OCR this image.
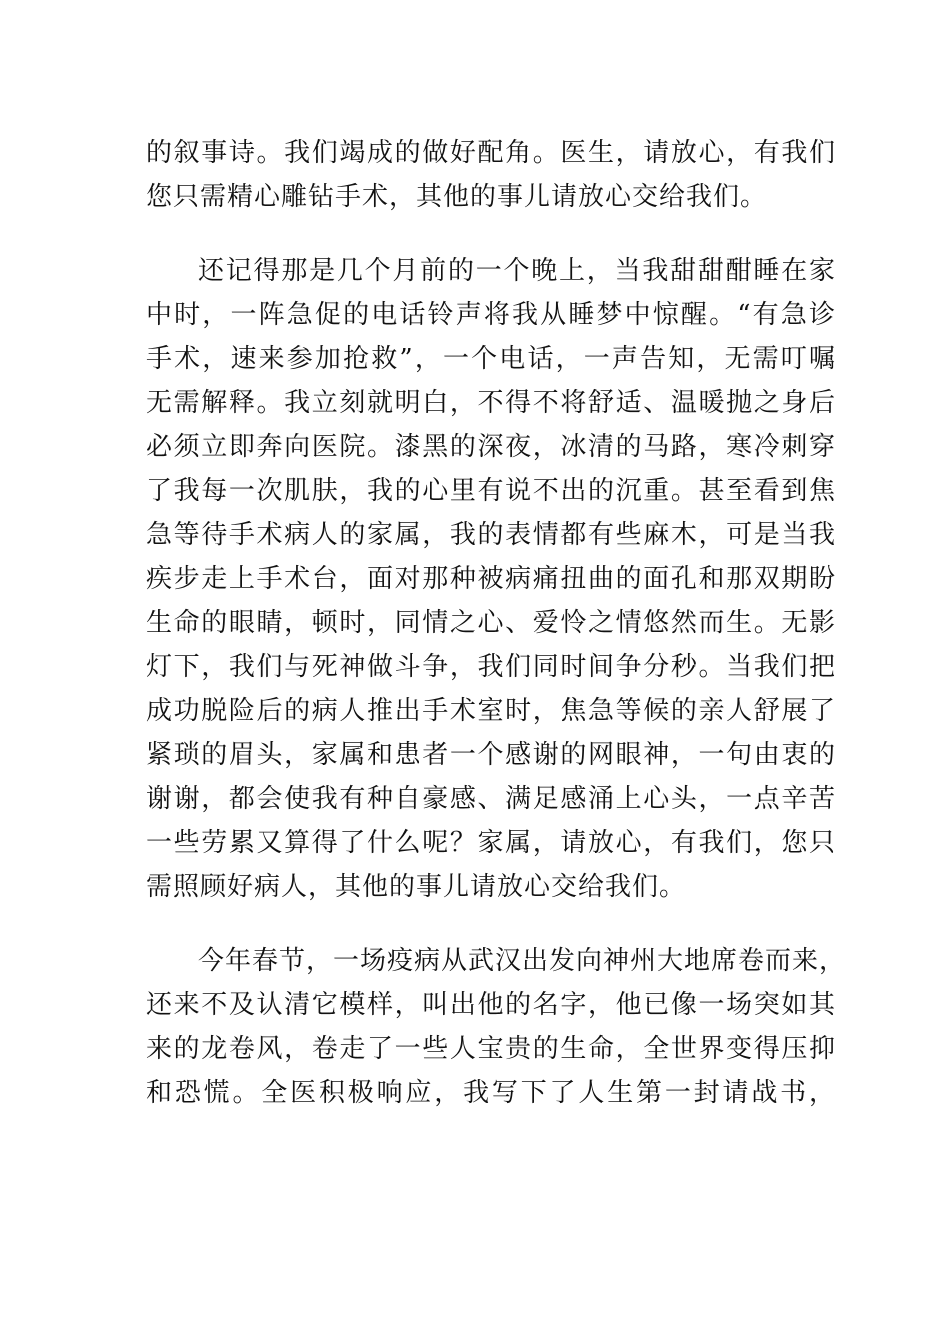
的叙事诗。我们竭成的做好配角。医生，请放心，有我们
您只需精心雕钻手术，其他的事儿请放心交给我们。
还记得那是几个月前的一个晚上，当我甜甜酣睡在家
中时，一阵急促的电话铃声将我从睡梦中惊醒。“有急诊
手术，速来参加抢救”，一个电话，一声告知，无需叮嘱
无需解释。我立刻就明白，不得不将舒适、温暖抛之身后
必须立即奔向医院。漆黑的深夜，冰清的马路，寒冷刺穿
了我每一次肌肤，我的心里有说不出的沉重。甚至看到焦
急等待手术病人的家属，我的表情都有些麻木，可是当我
疾步走上手术台，面对那种被病痛扭曲的面孔和那双期盼
生命的眼睛，顿时，同情之心、爱怜之情悠然而生。无影
灯下，我们与死神做斗争，我们同时间争分秒。当我们把
成功脱险后的病人推出手术室时，焦急等候的亲人舒展了
紧琐的眉头，家属和患者一个感谢的网眼神，一句由衷的
谢谢，都会使我有种自豪感、满足感涌上心头，一点辛苦
一些劳累又算得了什么呢？家属，请放心，有我们，您只
需照顾好病人，其他的事儿请放心交给我们。
今年春节，一场疫病从武汉出发向神州大地席卷而来，
还来不及认清它模样，叫出他的名字，他已像一场突如其
来的龙卷风，卷走了一些人宝贵的生命，全世界变得压抑
和恐慌。全医积极响应，我写下了人生第一封请战书，
